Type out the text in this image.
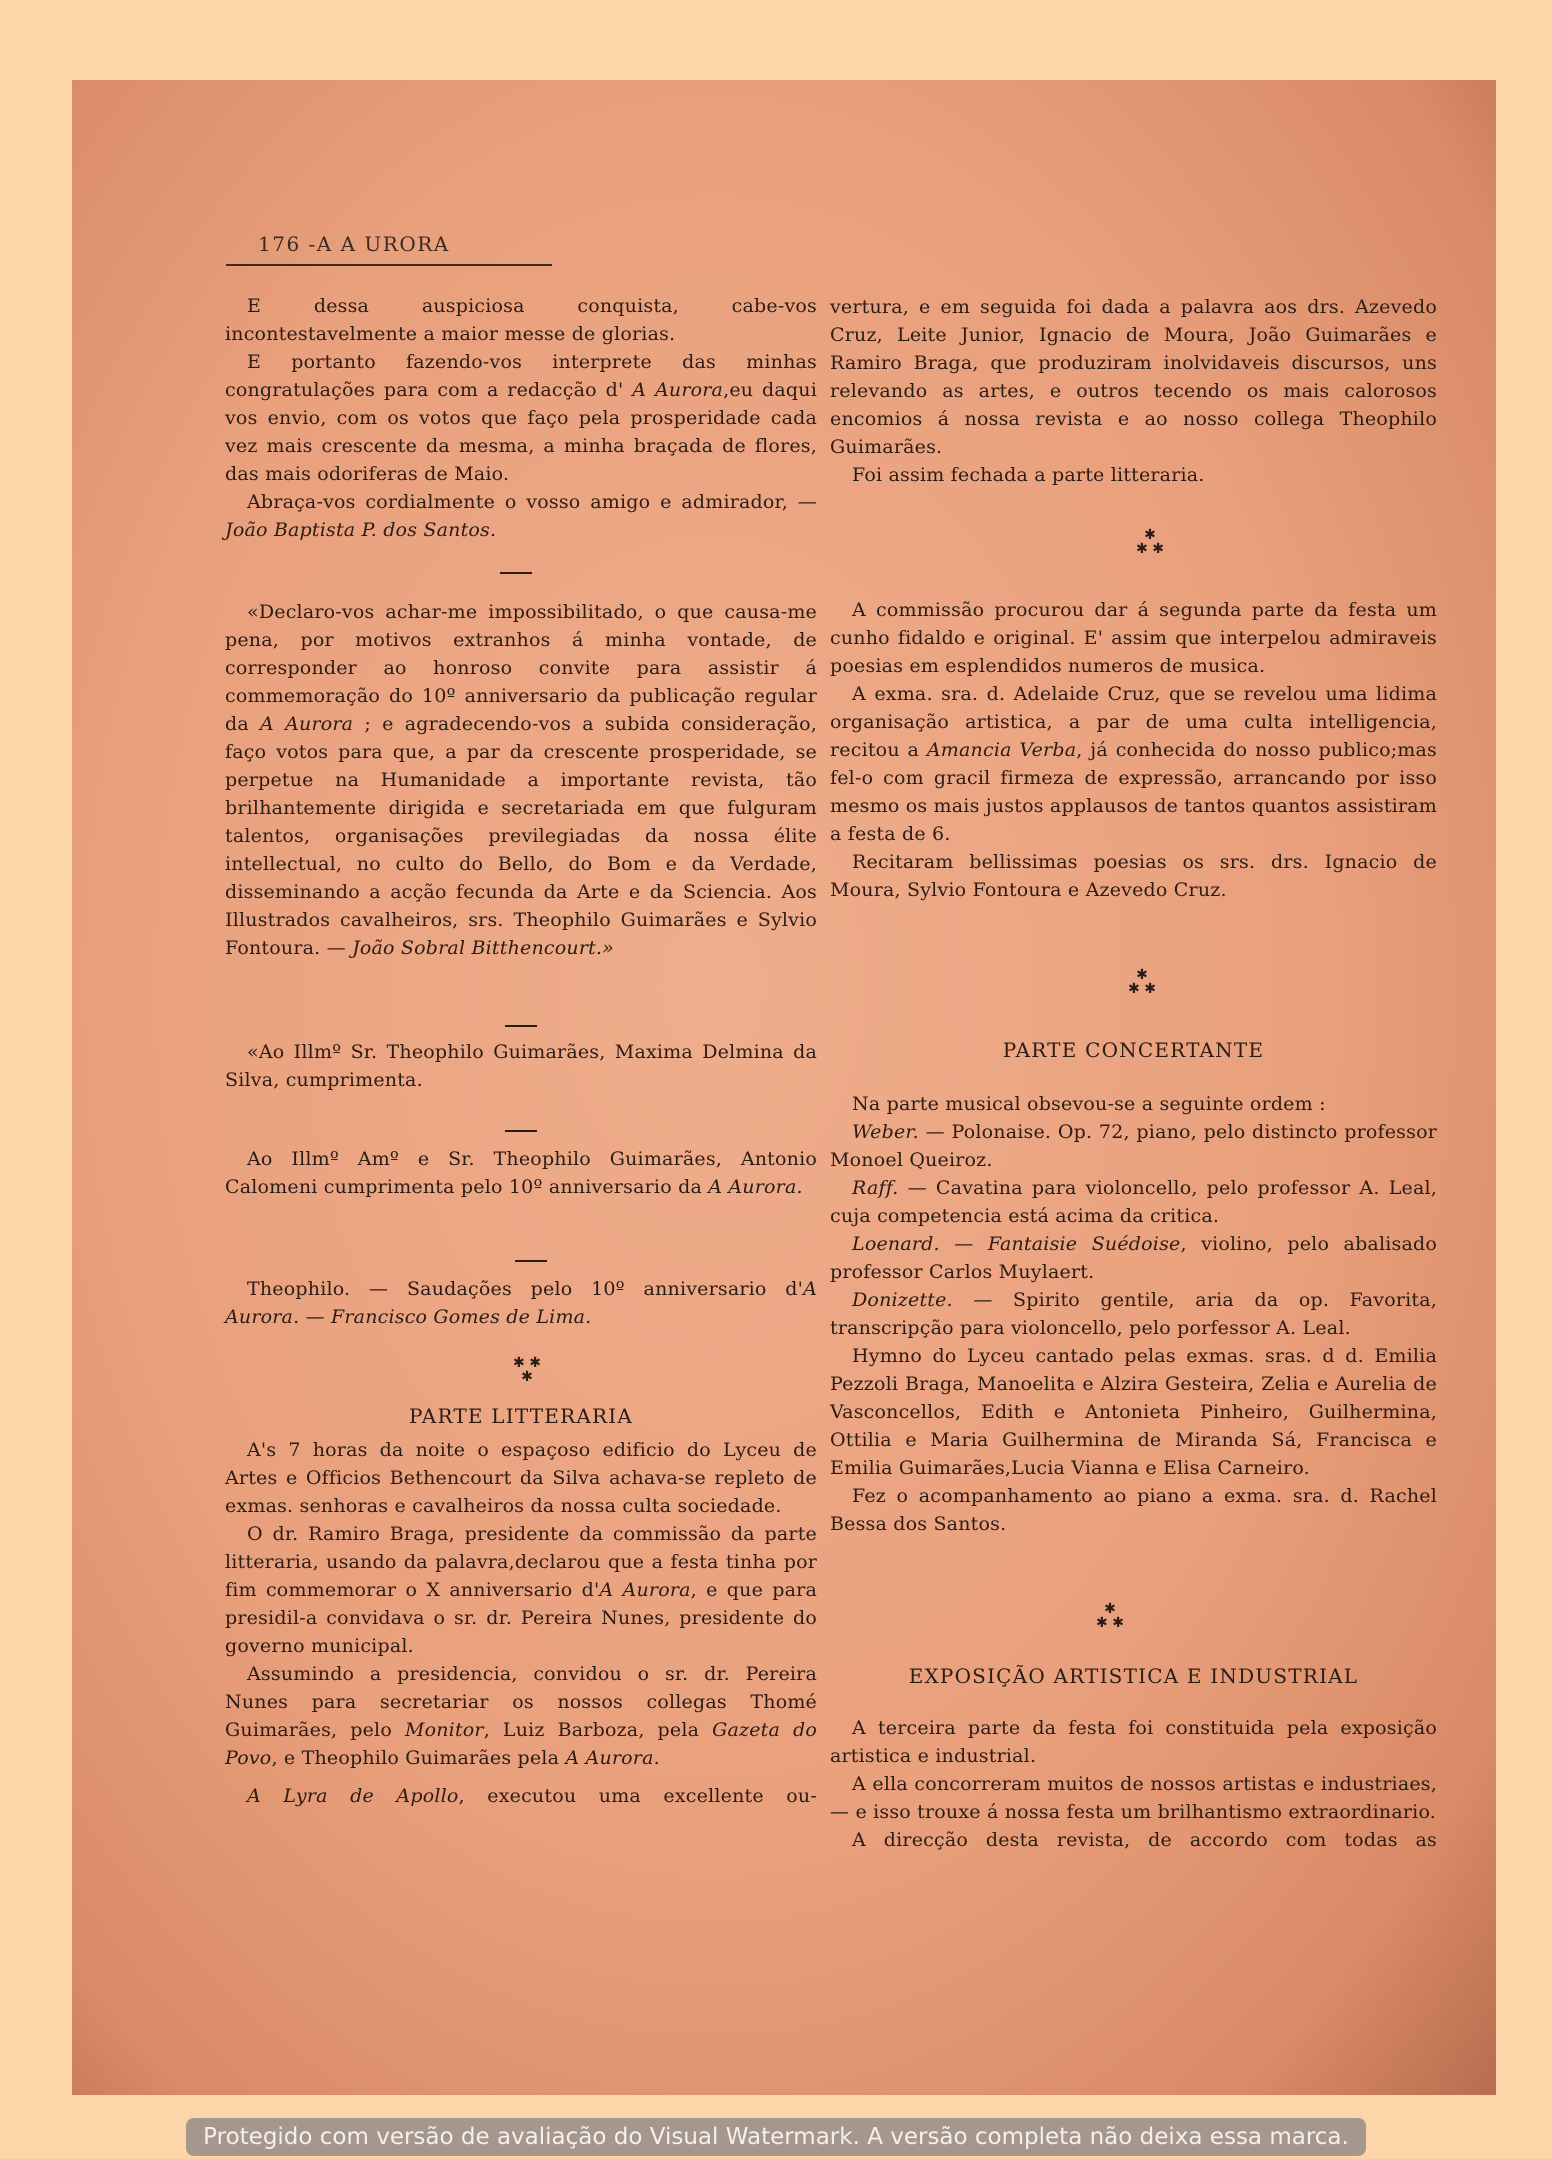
176 -A A URORA

E dessa auspiciosa conquista, cabe-vos incontestavelmente a maior messe de glorias.

E portanto fazendo-vos interprete das minhas congratulações para com a redacção d' A Aurora,eu daqui vos envio, com os votos que faço pela prosperidade cada vez mais crescente da mesma, a minha braçada de flores, das mais odoriferas de Maio.

Abraça-vos cordialmente o vosso amigo e admirador, — João Baptista P. dos Santos.

«Declaro-vos achar-me impossibilitado, o que causa-me pena, por motivos extranhos á minha vontade, de corresponder ao honroso convite para assistir á commemoração do 10º anniversario da publicação regular da A Aurora ; e agradecendo-vos a subida consideração, faço votos para que, a par da crescente prosperidade, se perpetue na Humanidade a importante revista, tão brilhantemente dirigida e secretariada em que fulguram talentos, organisações previlegiadas da nossa élite intellectual, no culto do Bello, do Bom e da Verdade, disseminando a acção fecunda da Arte e da Sciencia. Aos Illustrados cavalheiros, srs. Theophilo Guimarães e Sylvio Fontoura. — João Sobral Bitthencourt.»

«Ao Illmº Sr. Theophilo Guimarães, Maxima Delmina da Silva, cumprimenta.

Ao Illmº Amº e Sr. Theophilo Guimarães, Antonio Calomeni cumprimenta pelo 10º anniversario da A Aurora.

Theophilo. — Saudações pelo 10º anniversario d'A Aurora. — Francisco Gomes de Lima.

✱ ✱
✱
PARTE LITTERARIA

A's 7 horas da noite o espaçoso edificio do Lyceu de Artes e Officios Bethencourt da Silva achava-se repleto de exmas. senhoras e cavalheiros da nossa culta sociedade.

O dr. Ramiro Braga, presidente da commissão da parte litteraria, usando da palavra,declarou que a festa tinha por fim commemorar o X anniversario d'A Aurora, e que para presidil-a convidava o sr. dr. Pereira Nunes, presidente do governo municipal.

Assumindo a presidencia, convidou o sr. dr. Pereira Nunes para secretariar os nossos collegas Thomé Guimarães, pelo Monitor, Luiz Barboza, pela Gazeta do Povo, e Theophilo Guimarães pela A Aurora.

A Lyra de Apollo, executou uma excellente ou-

vertura, e em seguida foi dada a palavra aos drs. Azevedo Cruz, Leite Junior, Ignacio de Moura, João Guimarães e Ramiro Braga, que produziram inolvidaveis discursos, uns relevando as artes, e outros tecendo os mais calorosos encomios á nossa revista e ao nosso collega Theophilo Guimarães.

Foi assim fechada a parte litteraria.

✱
✱ ✱

A commissão procurou dar á segunda parte da festa um cunho fidaldo e original. E' assim que interpelou admiraveis poesias em esplendidos numeros de musica.

A exma. sra. d. Adelaide Cruz, que se revelou uma lidima organisação artistica, a par de uma culta intelligencia, recitou a Amancia Verba, já conhecida do nosso publico;mas fel-o com gracil firmeza de expressão, arrancando por isso mesmo os mais justos applausos de tantos quantos assistiram a festa de 6.

Recitaram bellissimas poesias os srs. drs. Ignacio de Moura, Sylvio Fontoura e Azevedo Cruz.

✱
✱ ✱
PARTE CONCERTANTE

Na parte musical obsevou-se a seguinte ordem :

Weber. — Polonaise. Op. 72, piano, pelo distincto professor Monoel Queiroz.

Raff. — Cavatina para violoncello, pelo professor A. Leal, cuja competencia está acima da critica.

Loenard. — Fantaisie Suédoise, violino, pelo abalisado professor Carlos Muylaert.

Donizette. — Spirito gentile, aria da op. Favorita, transcripção para violoncello, pelo porfessor A. Leal.

Hymno do Lyceu cantado pelas exmas. sras. d d. Emilia Pezzoli Braga, Manoelita e Alzira Gesteira, Zelia e Aurelia de Vasconcellos, Edith e Antonieta Pinheiro, Guilhermina, Ottilia e Maria Guilhermina de Miranda Sá, Francisca e Emilia Guimarães,Lucia Vianna e Elisa Carneiro.

Fez o acompanhamento ao piano a exma. sra. d. Rachel Bessa dos Santos.

✱
✱ ✱
EXPOSIÇÃO ARTISTICA E INDUSTRIAL

A terceira parte da festa foi constituida pela exposição artistica e industrial.

A ella concorreram muitos de nossos artistas e industriaes, — e isso trouxe á nossa festa um brilhantismo extraordinario.

A direcção desta revista, de accordo com todas as

Protegido com versão de avaliação do Visual Watermark. A versão completa não deixa essa marca.
